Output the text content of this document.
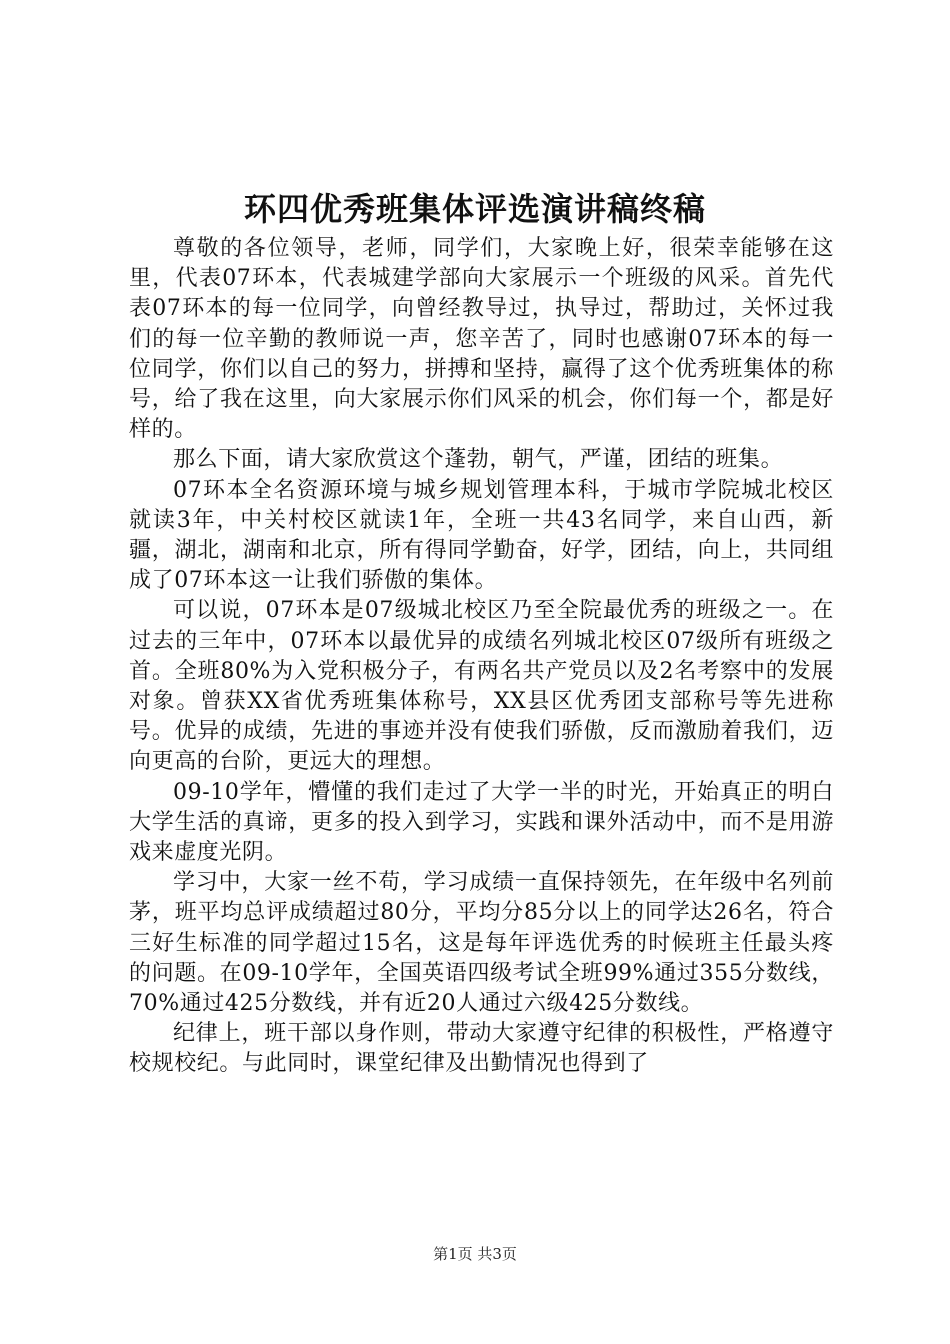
环四优秀班集体评选演讲稿终稿

尊敬的各位领导，老师，同学们，大家晚上好，很荣幸能够在这里，代表07环本，代表城建学部向大家展示一个班级的风采。首先代表07环本的每一位同学，向曾经教导过，执导过，帮助过，关怀过我们的每一位辛勤的教师说一声，您辛苦了，同时也感谢07环本的每一位同学，你们以自己的努力，拼搏和坚持，赢得了这个优秀班集体的称号，给了我在这里，向大家展示你们风采的机会，你们每一个，都是好样的。

那么下面，请大家欣赏这个蓬勃，朝气，严谨，团结的班集。

07环本全名资源环境与城乡规划管理本科，于城市学院城北校区就读3年，中关村校区就读1年，全班一共43名同学，来自山西，新疆，湖北，湖南和北京，所有得同学勤奋，好学，团结，向上，共同组成了07环本这一让我们骄傲的集体。

可以说，07环本是07级城北校区乃至全院最优秀的班级之一。在过去的三年中，07环本以最优异的成绩名列城北校区07级所有班级之首。全班80%为入党积极分子，有两名共产党员以及2名考察中的发展对象。曾获XX省优秀班集体称号，XX县区优秀团支部称号等先进称号。优异的成绩，先进的事迹并没有使我们骄傲，反而激励着我们，迈向更高的台阶，更远大的理想。

09-10学年，懵懂的我们走过了大学一半的时光，开始真正的明白大学生活的真谛，更多的投入到学习，实践和课外活动中，而不是用游戏来虚度光阴。

学习中，大家一丝不苟，学习成绩一直保持领先，在年级中名列前茅，班平均总评成绩超过80分，平均分85分以上的同学达26名，符合三好生标准的同学超过15名，这是每年评选优秀的时候班主任最头疼的问题。在09-10学年，全国英语四级考试全班99%通过355分数线，70%通过425分数线，并有近20人通过六级425分数线。

纪律上，班干部以身作则，带动大家遵守纪律的积极性，严格遵守校规校纪。与此同时，课堂纪律及出勤情况也得到了

第1页 共3页
